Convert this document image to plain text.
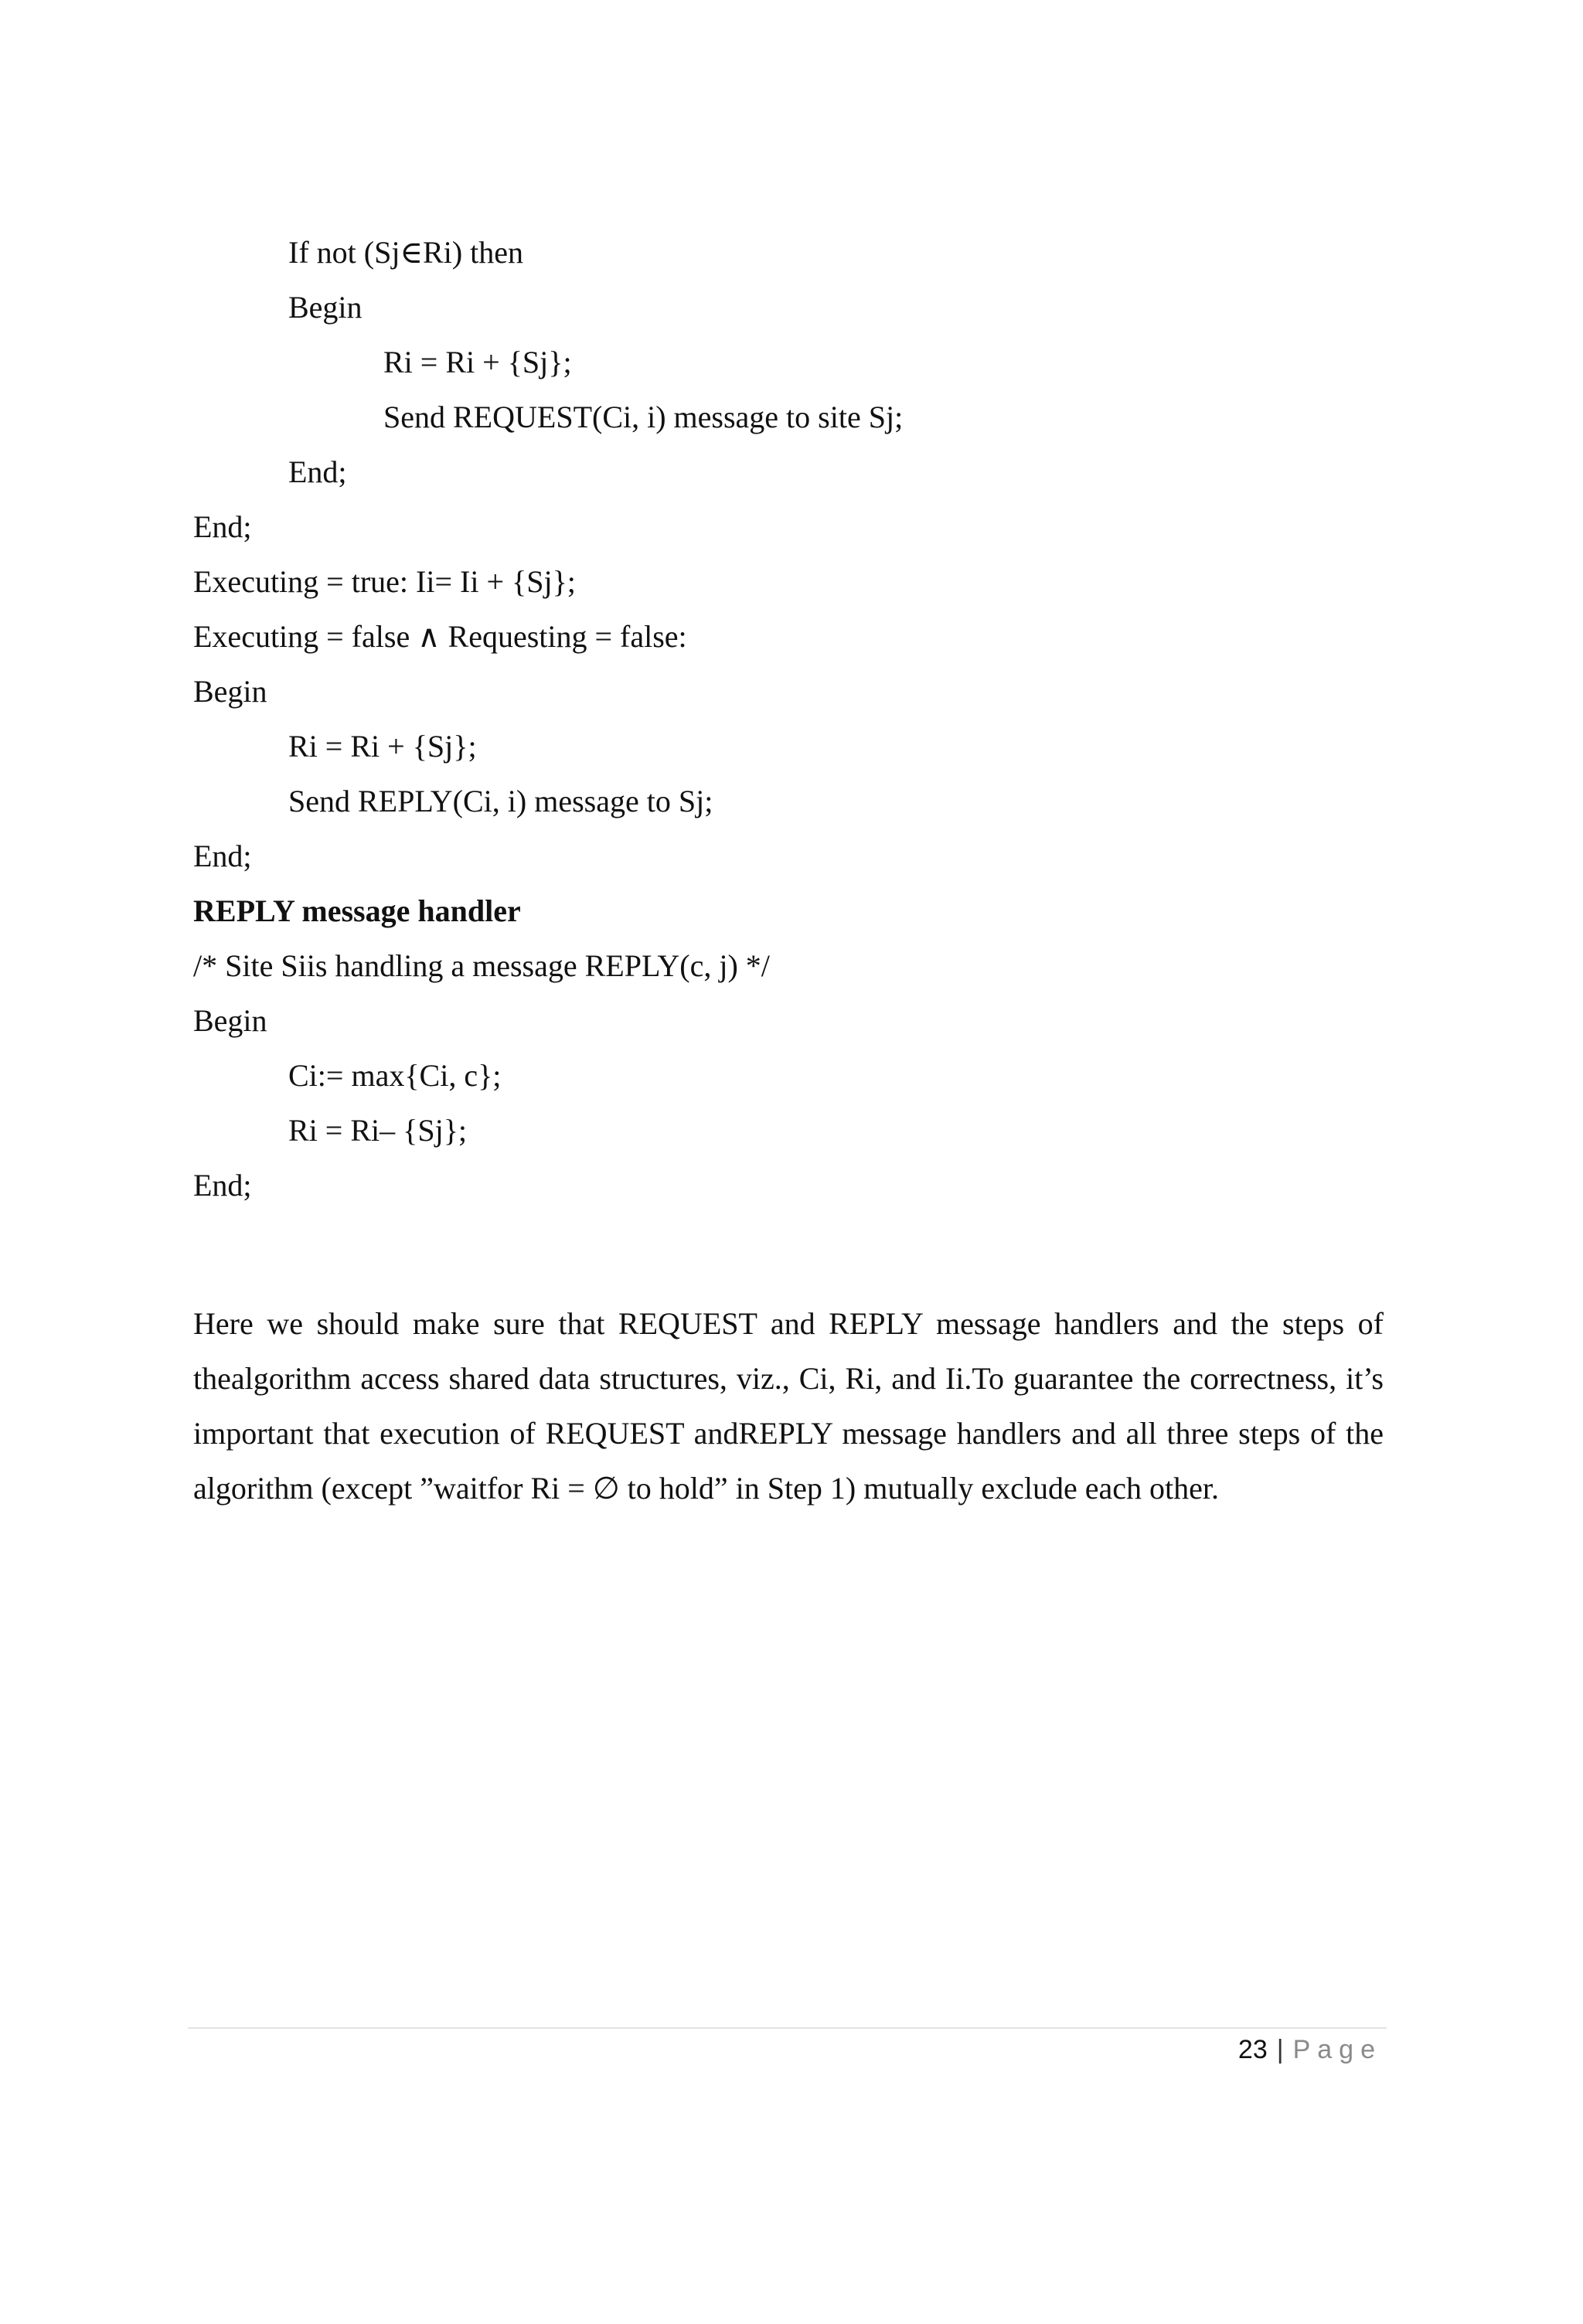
If not (Sj∈Ri) then
Begin
Ri = Ri + {Sj};
Send REQUEST(Ci, i) message to site Sj;
End;
End;
Executing = true: Ii= Ii + {Sj};
Executing = false ∧ Requesting = false:
Begin
Ri = Ri + {Sj};
Send REPLY(Ci, i) message to Sj;
End;
REPLY message handler
/* Site Siis handling a message REPLY(c, j) */
Begin
Ci:= max{Ci, c};
Ri = Ri– {Sj};
End;

Here we should make sure that REQUEST and REPLY message handlers and the steps of thealgorithm access shared data structures, viz., Ci, Ri, and Ii.To guarantee the correctness, it’s important that execution of REQUEST andREPLY message handlers and all three steps of the algorithm (except ”waitfor Ri = ∅ to hold” in Step 1) mutually exclude each other.

23 | Page
